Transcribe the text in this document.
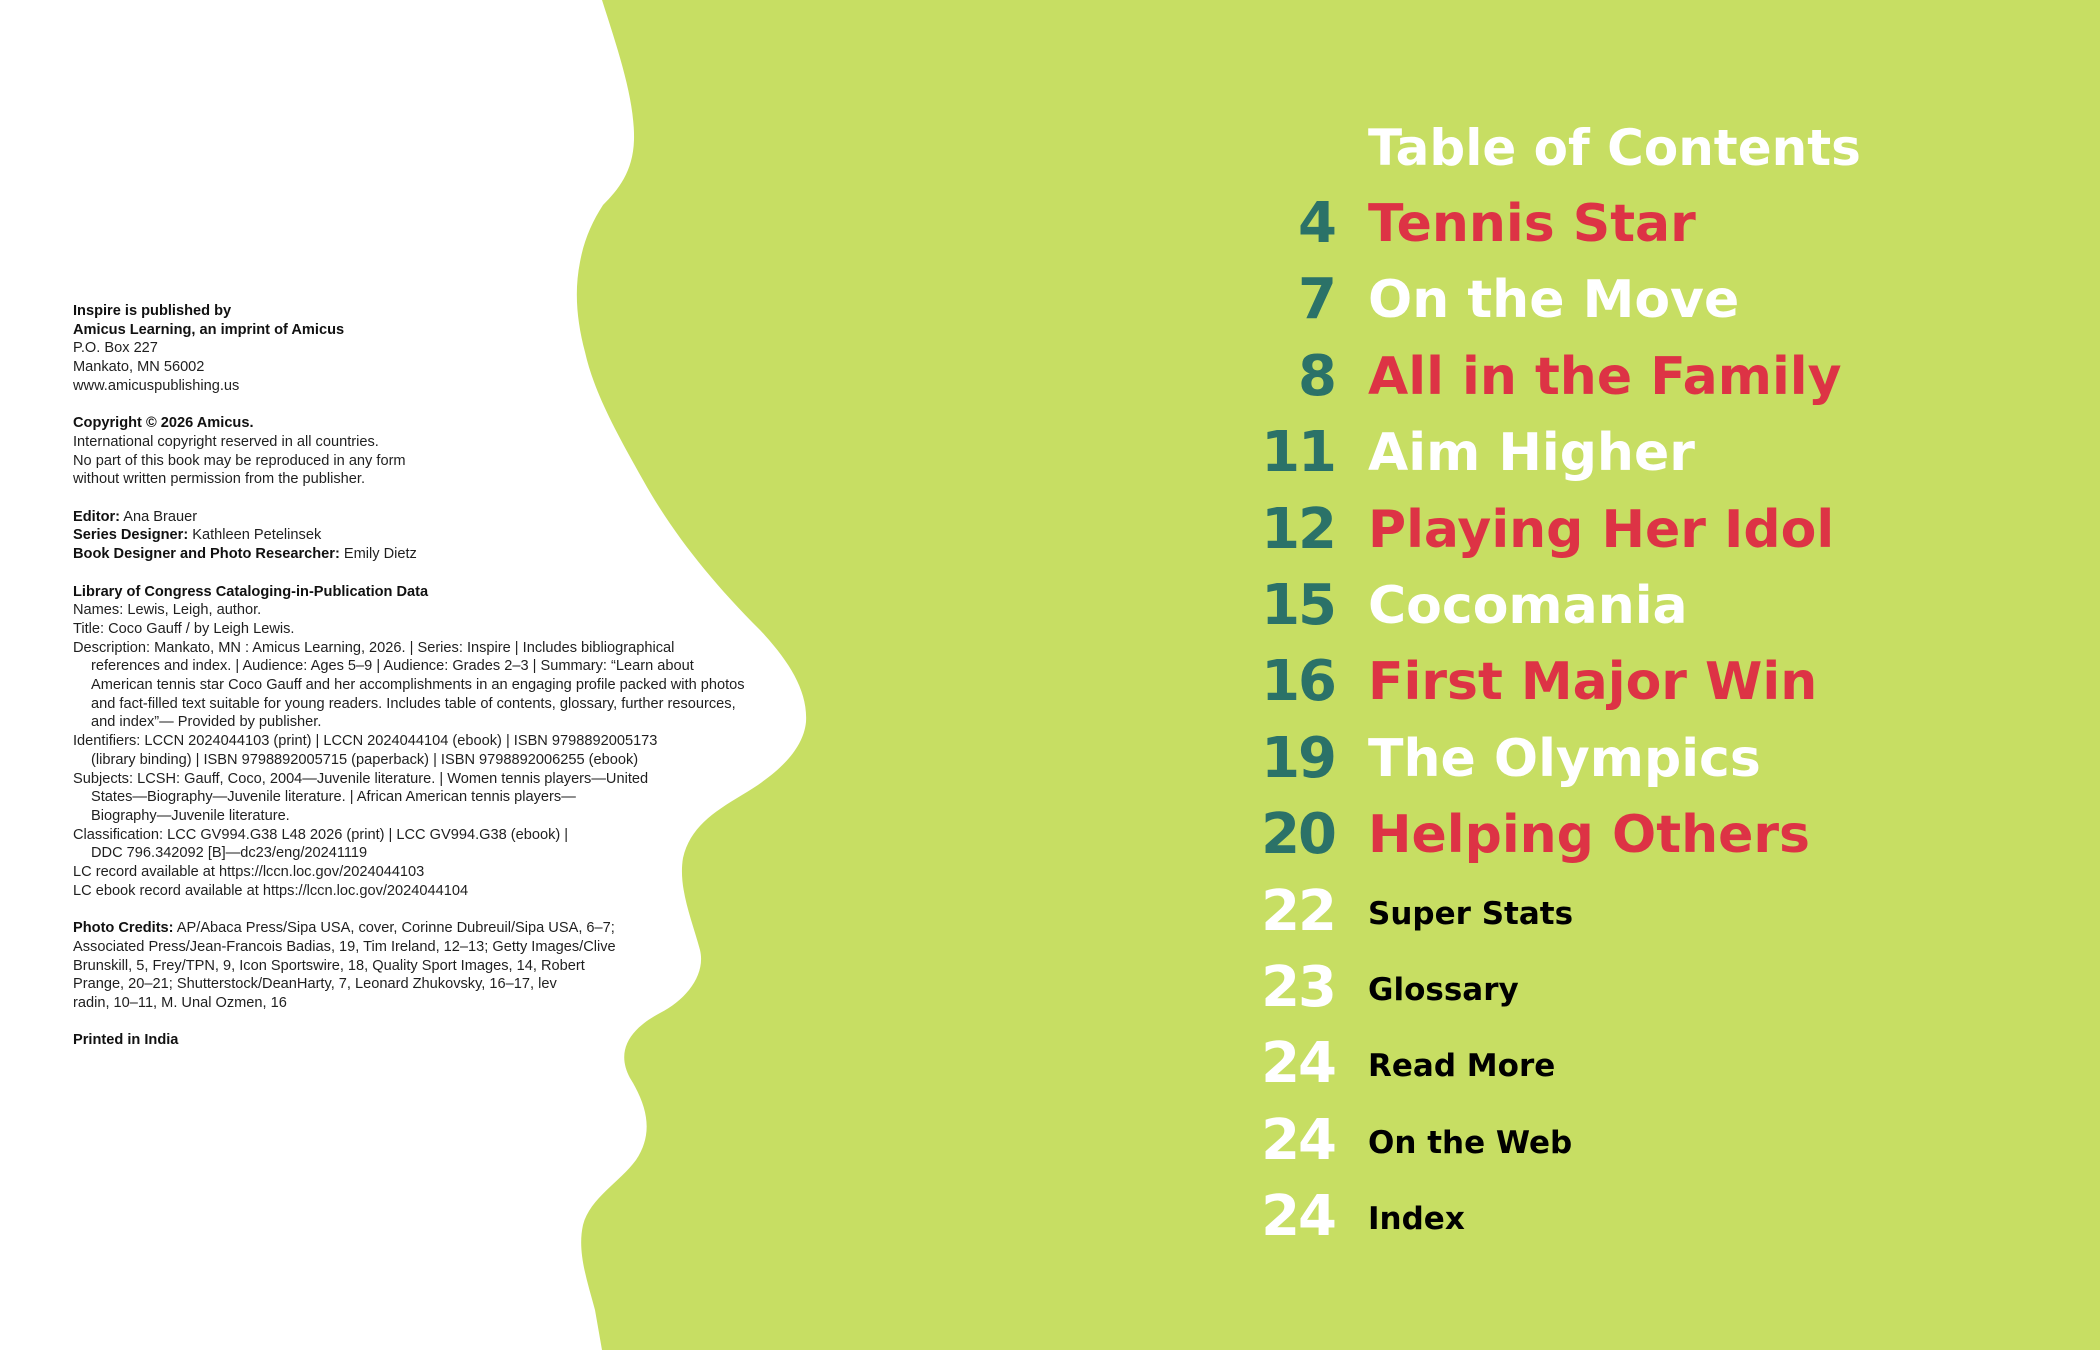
Inspire is published by
Amicus Learning, an imprint of Amicus
P.O. Box 227
Mankato, MN 56002
www.amicuspublishing.us
Copyright © 2026 Amicus.
International copyright reserved in all countries.
No part of this book may be reproduced in any form
without written permission from the publisher.
Editor: Ana Brauer
Series Designer: Kathleen Petelinsek
Book Designer and Photo Researcher: Emily Dietz
Library of Congress Cataloging-in-Publication Data
Names: Lewis, Leigh, author.
Title: Coco Gauff / by Leigh Lewis.
Description: Mankato, MN : Amicus Learning, 2026. | Series: Inspire | Includes bibliographical
references and index. | Audience: Ages 5–9 | Audience: Grades 2–3 | Summary: “Learn about
American tennis star Coco Gauff and her accomplishments in an engaging profile packed with photos
and fact-filled text suitable for young readers. Includes table of contents, glossary, further resources,
and index”— Provided by publisher.
Identifiers: LCCN 2024044103 (print) | LCCN 2024044104 (ebook) | ISBN 9798892005173
(library binding) | ISBN 9798892005715 (paperback) | ISBN 9798892006255 (ebook)
Subjects: LCSH: Gauff, Coco, 2004—Juvenile literature. | Women tennis players—United
States—Biography—Juvenile literature. | African American tennis players—
Biography—Juvenile literature.
Classification: LCC GV994.G38 L48 2026 (print) | LCC GV994.G38 (ebook) |
DDC 796.342092 [B]—dc23/eng/20241119
LC record available at https://lccn.loc.gov/2024044103
LC ebook record available at https://lccn.loc.gov/2024044104
Photo Credits: AP/Abaca Press/Sipa USA, cover, Corinne Dubreuil/Sipa USA, 6–7;
Associated Press/Jean-Francois Badias, 19, Tim Ireland, 12–13; Getty Images/Clive
Brunskill, 5, Frey/TPN, 9, Icon Sportswire, 18, Quality Sport Images, 14, Robert
Prange, 20–21; Shutterstock/DeanHarty, 7, Leonard Zhukovsky, 16–17, lev
radin, 10–11, M. Unal Ozmen, 16
Printed in India
Table of Contents
4 Tennis Star
7 On the Move
8 All in the Family
11 Aim Higher
12 Playing Her Idol
15 Cocomania
16 First Major Win
19 The Olympics
20 Helping Others
22 Super Stats
23 Glossary
24 Read More
24 On the Web
24 Index
